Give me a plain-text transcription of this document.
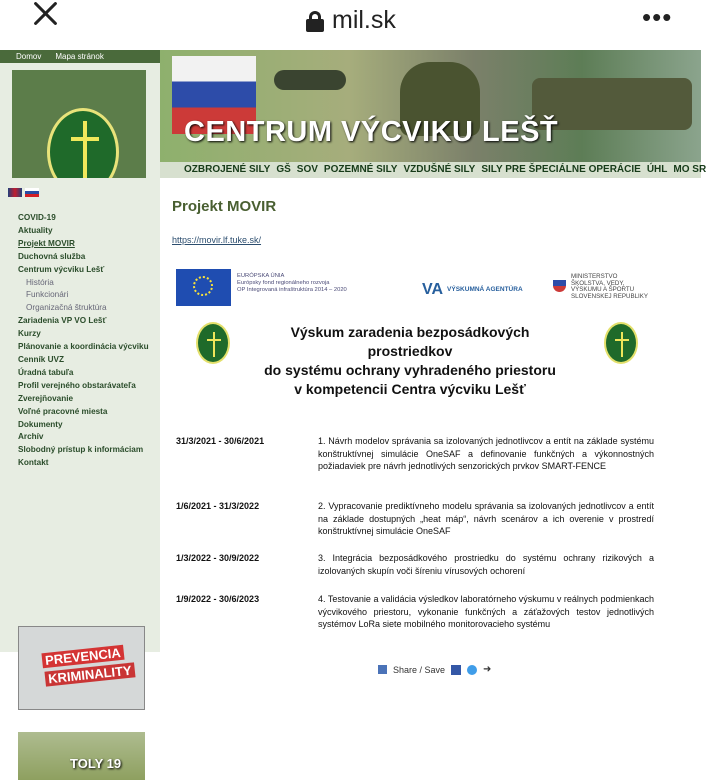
mil.sk	•••
Domov Mapa stránok
CENTRUM VÝCVIKU LEŠŤ
OZBROJENÉ SILY GŠ SOV POZEMNÉ SILY VZDUŠNÉ SILY SILY PRE ŠPECIÁLNE OPERÁCIE ÚHL MO SR
COVID-19
Aktuality
Projekt MOVIR
Duchovná služba
Centrum výcviku Lešť
História
Funkcionári
Organizačná štruktúra
Zariadenia VP VO Lešť
Kurzy
Plánovanie a koordinácia výcviku
Cenník UVZ
Úradná tabuľa
Profil verejného obstarávateľa
Zverejňovanie
Voľné pracovné miesta
Dokumenty
Archív
Slobodný prístup k informáciam
Kontakt
PREVENCIA
KRIMINALITY
TOLY 19
Projekt MOVIR
https://movir.lf.tuke.sk/
EURÓPSKA ÚNIA
Európsky fond regionálneho rozvoja
OP Integrovaná infraštruktúra 2014 – 2020	VA VÝSKUMNÁ AGENTÚRA
MINISTERSTVO
ŠKOLSTVA, VEDY,
VÝSKUMU A ŠPORTU
SLOVENSKEJ REPUBLIKY
Výskum zaradenia bezposádkových prostriedkov
do systému ochrany vyhradeného priestoru
v kompetencii Centra výcviku Lešť
31/3/2021 - 30/6/2021	1. Návrh modelov správania sa izolovaných jednotlivcov a entít na základe systému konštruktívnej simulácie OneSAF a definovanie funkčných a výkonnostných požiadaviek pre návrh jednotlivých senzorických prvkov SMART-FENCE
1/6/2021 - 31/3/2022	2. Vypracovanie prediktívneho modelu správania sa izolovaných jednotlivcov a entít na základe dostupných „heat máp“, návrh scenárov a ich overenie v prostredí konštruktívnej simulácie OneSAF
1/3/2022 - 30/9/2022	3. Integrácia bezposádkového prostriedku do systému ochrany rizikových a izolovaných skupín voči šíreniu vírusových ochorení
1/9/2022 - 30/6/2023	4. Testovanie a validácia výsledkov laboratórneho výskumu v reálnych podmienkach výcvikového priestoru, vykonanie funkčných a záťažových testov jednotlivých systémov LoRa siete mobilného monitorovacieho systému
Share / Save	➜
